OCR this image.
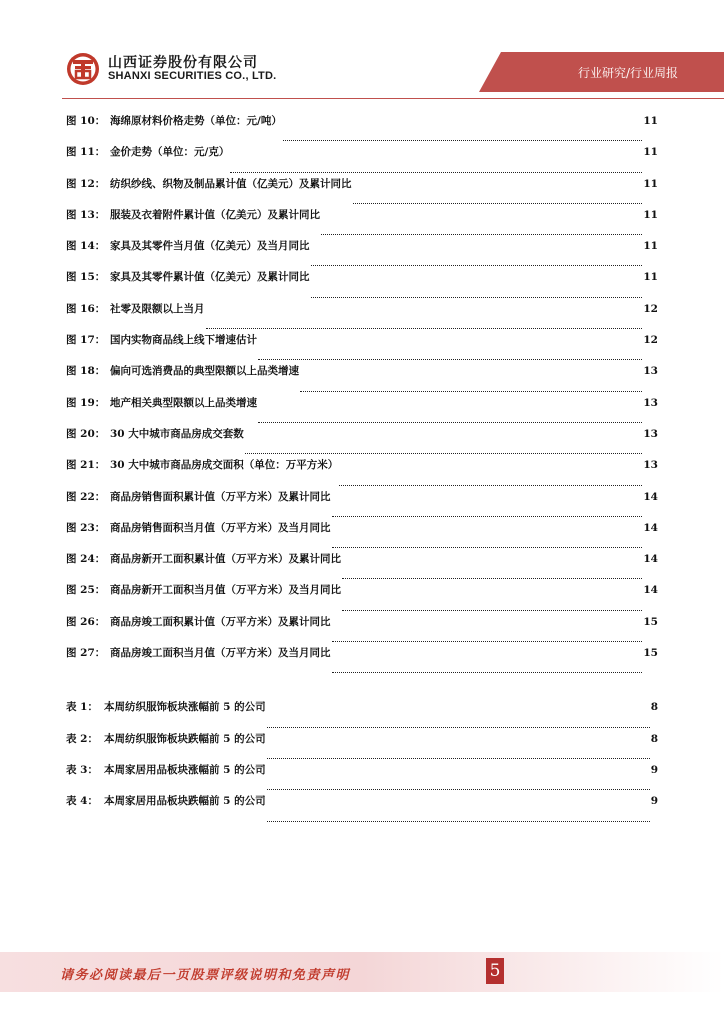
山西证券股份有限公司
SHANXI SECURITIES CO., LTD.	行业研究/行业周报
图 10： 海绵原材料价格走势（单位：元/吨）	11
图 11： 金价走势（单位：元/克）	11
图 12： 纺织纱线、织物及制品累计值（亿美元）及累计同比	11
图 13： 服装及衣着附件累计值（亿美元）及累计同比	11
图 14： 家具及其零件当月值（亿美元）及当月同比	11
图 15： 家具及其零件累计值（亿美元）及累计同比	11
图 16： 社零及限额以上当月	12
图 17： 国内实物商品线上线下增速估计	12
图 18： 偏向可选消费品的典型限额以上品类增速	13
图 19： 地产相关典型限额以上品类增速	13
图 20： 30 大中城市商品房成交套数	13
图 21： 30 大中城市商品房成交面积（单位：万平方米）	13
图 22： 商品房销售面积累计值（万平方米）及累计同比	14
图 23： 商品房销售面积当月值（万平方米）及当月同比	14
图 24： 商品房新开工面积累计值（万平方米）及累计同比	14
图 25： 商品房新开工面积当月值（万平方米）及当月同比	14
图 26： 商品房竣工面积累计值（万平方米）及累计同比	15
图 27： 商品房竣工面积当月值（万平方米）及当月同比	15
表 1： 本周纺织服饰板块涨幅前 5 的公司	8
表 2： 本周纺织服饰板块跌幅前 5 的公司	8
表 3： 本周家居用品板块涨幅前 5 的公司	9
表 4： 本周家居用品板块跌幅前 5 的公司	9
请务必阅读最后一页股票评级说明和免责声明	5
